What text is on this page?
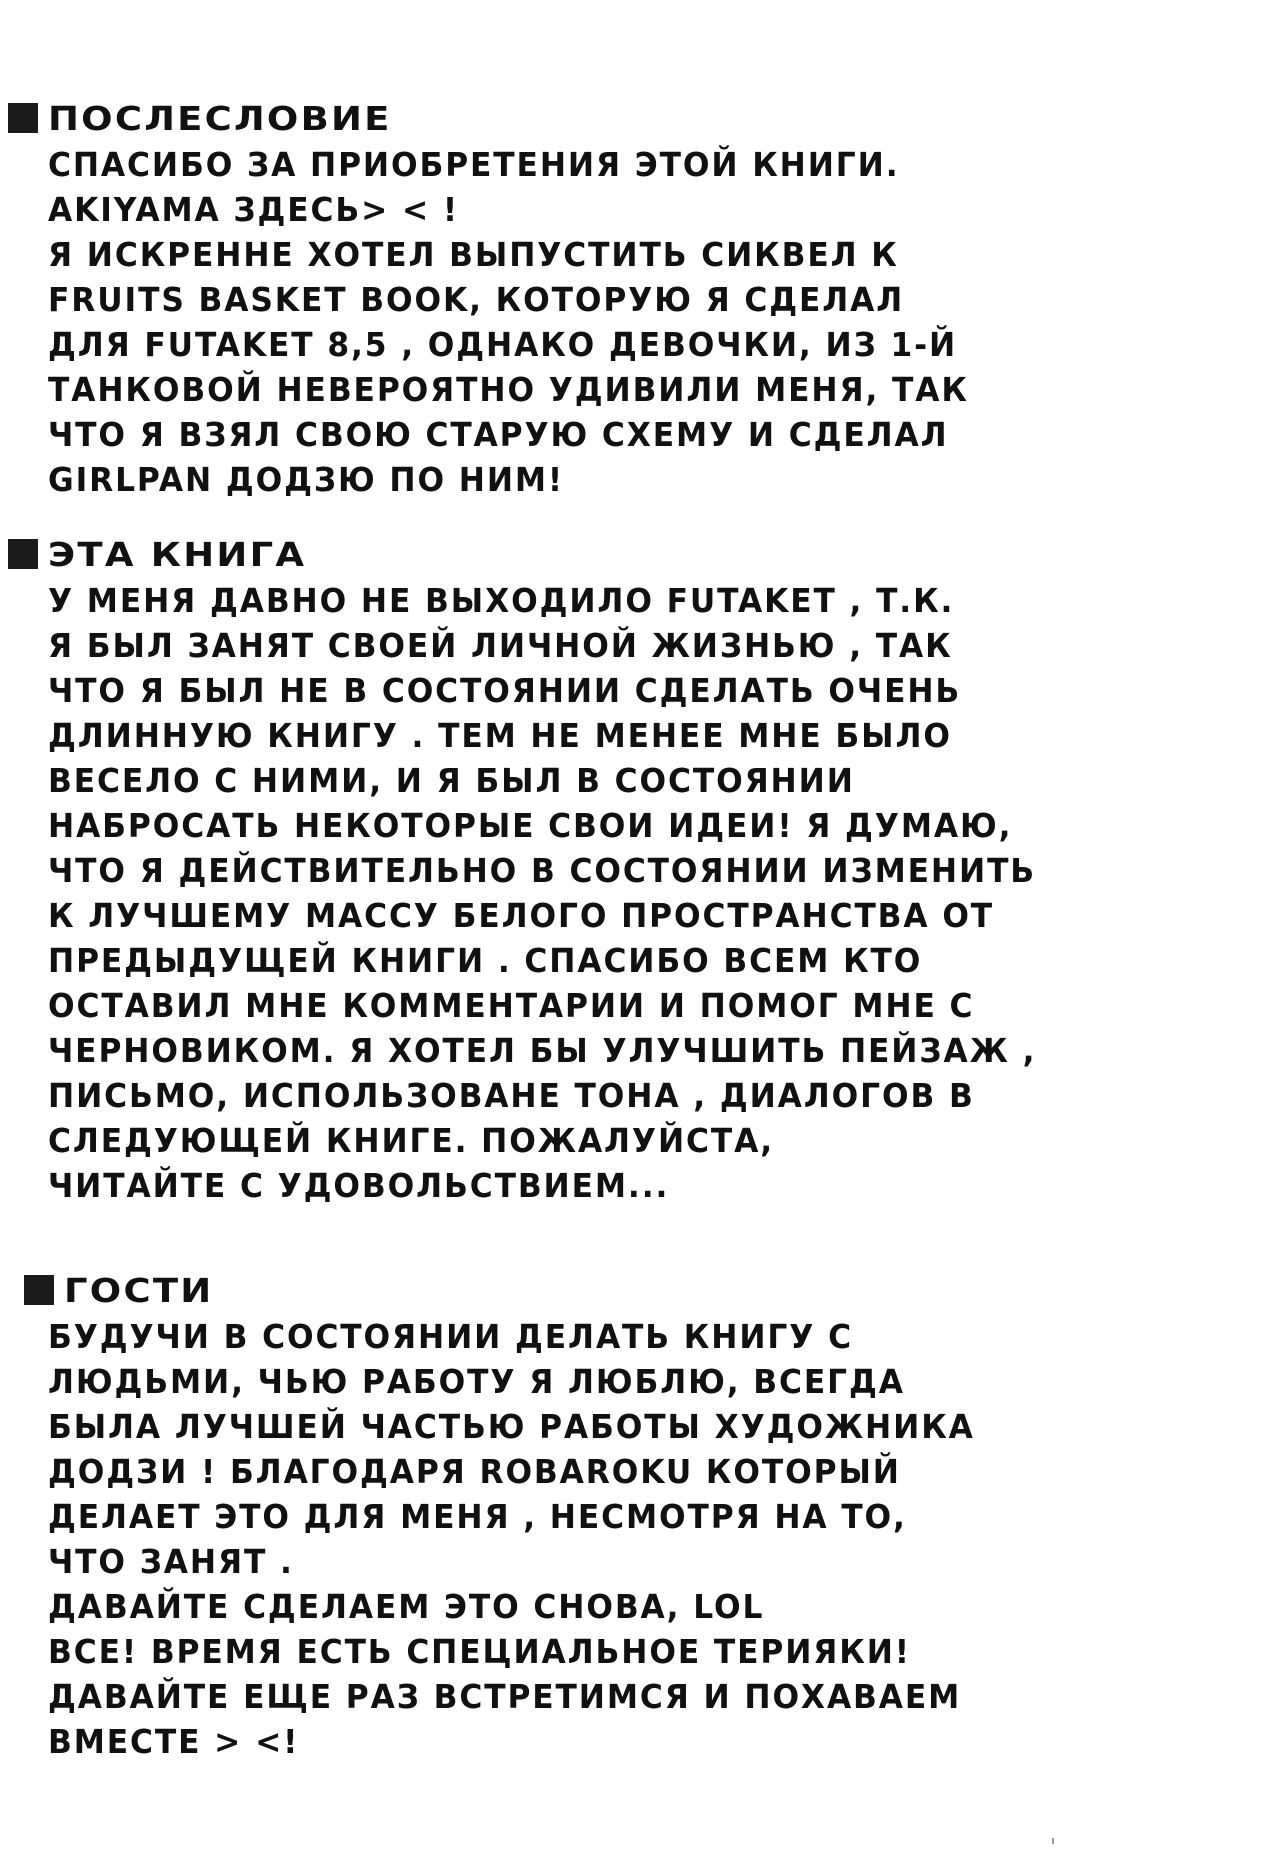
ПОСЛЕСЛОВИЕ
СПАСИБО ЗА ПРИОБРЕТЕНИЯ ЭТОЙ КНИГИ.
AKIYAMA ЗДЕСЬ> < !
Я ИСКРЕННЕ ХОТЕЛ ВЫПУСТИТЬ СИКВЕЛ К
FRUITS BASKET BOOK, КОТОРУЮ Я СДЕЛАЛ
ДЛЯ FUTAKET 8,5 , ОДНАКО ДЕВОЧКИ, ИЗ 1-Й
ТАНКОВОЙ НЕВЕРОЯТНО УДИВИЛИ МЕНЯ, ТАК
ЧТО Я ВЗЯЛ СВОЮ СТАРУЮ СХЕМУ И СДЕЛАЛ
GIRLPAN ДОДЗЮ ПО НИМ!
ЭТА КНИГА
У МЕНЯ ДАВНО НЕ ВЫХОДИЛО FUTAKET , Т.К.
Я БЫЛ ЗАНЯТ СВОЕЙ ЛИЧНОЙ ЖИЗНЬЮ , ТАК
ЧТО Я БЫЛ НЕ В СОСТОЯНИИ СДЕЛАТЬ ОЧЕНЬ
ДЛИННУЮ КНИГУ . ТЕМ НЕ МЕНЕЕ МНЕ БЫЛО
ВЕСЕЛО С НИМИ, И Я БЫЛ В СОСТОЯНИИ
НАБРОСАТЬ НЕКОТОРЫЕ СВОИ ИДЕИ! Я ДУМАЮ,
ЧТО Я ДЕЙСТВИТЕЛЬНО В СОСТОЯНИИ ИЗМЕНИТЬ
К ЛУЧШЕМУ МАССУ БЕЛОГО ПРОСТРАНСТВА ОТ
ПРЕДЫДУЩЕЙ КНИГИ . СПАСИБО ВСЕМ КТО
ОСТАВИЛ МНЕ КОММЕНТАРИИ И ПОМОГ МНЕ С
ЧЕРНОВИКОМ. Я ХОТЕЛ БЫ УЛУЧШИТЬ ПЕЙЗАЖ ,
ПИСЬМО, ИСПОЛЬЗОВАНЕ ТОНА , ДИАЛОГОВ В
СЛЕДУЮЩЕЙ КНИГЕ. ПОЖАЛУЙСТА,
ЧИТАЙТЕ С УДОВОЛЬСТВИЕМ...
ГОСТИ
БУДУЧИ В СОСТОЯНИИ ДЕЛАТЬ КНИГУ С
ЛЮДЬМИ, ЧЬЮ РАБОТУ Я ЛЮБЛЮ, ВСЕГДА
БЫЛА ЛУЧШЕЙ ЧАСТЬЮ РАБОТЫ ХУДОЖНИКА
ДОДЗИ ! БЛАГОДАРЯ ROBAROKU КОТОРЫЙ
ДЕЛАЕТ ЭТО ДЛЯ МЕНЯ , НЕСМОТРЯ НА ТО,
ЧТО ЗАНЯТ .
ДАВАЙТЕ СДЕЛАЕМ ЭТО СНОВА, LOL
ВСЕ! ВРЕМЯ ЕСТЬ СПЕЦИАЛЬНОЕ ТЕРИЯКИ!
ДАВАЙТЕ ЕЩЕ РАЗ ВСТРЕТИМСЯ И ПОХАВАЕМ
ВМЕСТЕ > <!
